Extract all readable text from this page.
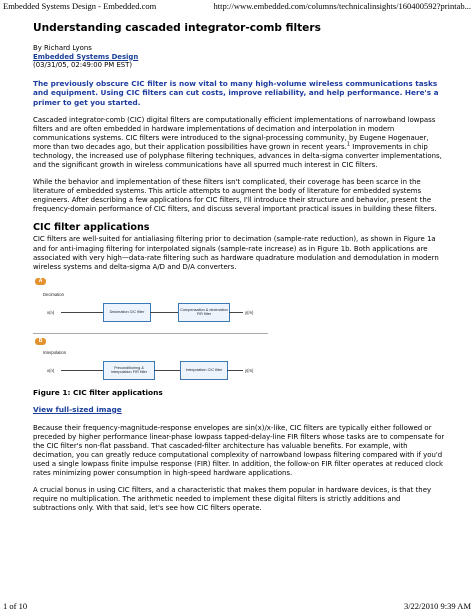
Embedded Systems Design - Embedded.com	http://www.embedded.com/columns/technicalinsights/160400592?printab...
Understanding cascaded integrator-comb filters
By Richard Lyons
Embedded Systems Design
(03/31/05, 02:49:00 PM EST)

The previously obscure CIC filter is now vital to many high-volume wireless communications tasks and equipment. Using CIC filters can cut costs, improve reliability, and help performance. Here's a primer to get you started.

Cascaded integrator-comb (CIC) digital filters are computationally efficient implementations of narrowband lowpass filters and are often embedded in hardware implementations of decimation and interpolation in modern communications systems. CIC filters were introduced to the signal-processing community, by Eugene Hogenauer, more than two decades ago, but their application possibilities have grown in recent years.$^1$ Improvements in chip technology, the increased use of polyphase filtering techniques, advances in delta-sigma converter implementations, and the significant growth in wireless communications have all spurred much interest in CIC filters.

While the behavior and implementation of these filters isn't complicated, their coverage has been scarce in the literature of embedded systems. This article attempts to augment the body of literature for embedded systems engineers. After describing a few applications for CIC filters, I'll introduce their structure and behavior, present the frequency-domain performance of CIC filters, and discuss several important practical issues in building these filters.

CIC filter applications

CIC filters are well-suited for antialiasing filtering prior to decimation (sample-rate reduction), as shown in Figure 1a and for anti-imaging filtering for interpolated signals (sample-rate increase) as in Figure 1b. Both applications are associated with very high—data-rate filtering such as hardware quadrature modulation and demodulation in modern wireless systems and delta-sigma A/D and D/A converters.

A
Decimation
x(n)	Decimation CIC filter
Compensation & decimation FIR filter	y(m)
B
Interpolation
x(n)	Preconditioning & interpolation FIR filter
Interpolation CIC filter	y(m)
Figure 1: CIC filter applications
View full-sized image

Because their frequency-magnitude-response envelopes are sin(x)/x-like, CIC filters are typically either followed or preceded by higher performance linear-phase lowpass tapped-delay-line FIR filters whose tasks are to compensate for the CIC filter's non-flat passband. That cascaded-filter architecture has valuable benefits. For example, with decimation, you can greatly reduce computational complexity of narrowband lowpass filtering compared with if you'd used a single lowpass finite impulse response (FIR) filter. In addition, the follow-on FIR filter operates at reduced clock rates minimizing power consumption in high-speed hardware applications.

A crucial bonus in using CIC filters, and a characteristic that makes them popular in hardware devices, is that they require no multiplication. The arithmetic needed to implement these digital filters is strictly additions and subtractions only. With that said, let's see how CIC filters operate.

1 of 10	3/22/2010 9:39 AM
